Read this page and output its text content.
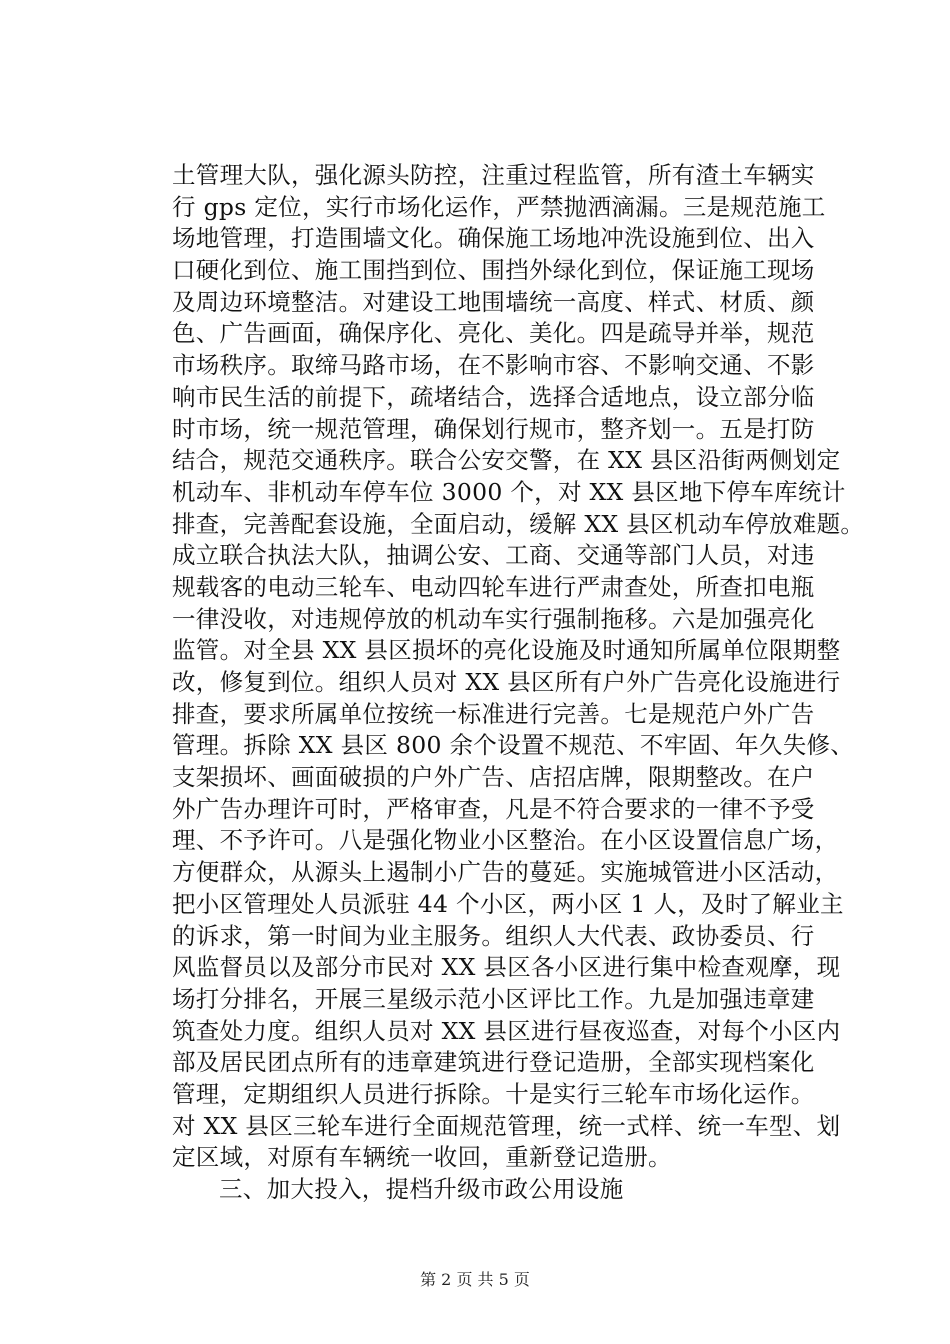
土管理大队，强化源头防控，注重过程监管，所有渣土车辆实
行 gps 定位，实行市场化运作，严禁抛洒滴漏。三是规范施工
场地管理，打造围墙文化。确保施工场地冲洗设施到位、出入
口硬化到位、施工围挡到位、围挡外绿化到位，保证施工现场
及周边环境整洁。对建设工地围墙统一高度、样式、材质、颜
色、广告画面，确保序化、亮化、美化。四是疏导并举，规范
市场秩序。取缔马路市场，在不影响市容、不影响交通、不影
响市民生活的前提下，疏堵结合，选择合适地点，设立部分临
时市场，统一规范管理，确保划行规市，整齐划一。五是打防
结合，规范交通秩序。联合公安交警，在 XX 县区沿街两侧划定
机动车、非机动车停车位 3000 个，对 XX 县区地下停车库统计
排查，完善配套设施，全面启动，缓解 XX 县区机动车停放难题。
成立联合执法大队，抽调公安、工商、交通等部门人员，对违
规载客的电动三轮车、电动四轮车进行严肃查处，所查扣电瓶
一律没收，对违规停放的机动车实行强制拖移。六是加强亮化
监管。对全县 XX 县区损坏的亮化设施及时通知所属单位限期整
改，修复到位。组织人员对 XX 县区所有户外广告亮化设施进行
排查，要求所属单位按统一标准进行完善。七是规范户外广告
管理。拆除 XX 县区 800 余个设置不规范、不牢固、年久失修、
支架损坏、画面破损的户外广告、店招店牌，限期整改。在户
外广告办理许可时，严格审查，凡是不符合要求的一律不予受
理、不予许可。八是强化物业小区整治。在小区设置信息广场，
方便群众，从源头上遏制小广告的蔓延。实施城管进小区活动，
把小区管理处人员派驻 44 个小区，两小区 1 人，及时了解业主
的诉求，第一时间为业主服务。组织人大代表、政协委员、行
风监督员以及部分市民对 XX 县区各小区进行集中检查观摩，现
场打分排名，开展三星级示范小区评比工作。九是加强违章建
筑查处力度。组织人员对 XX 县区进行昼夜巡查，对每个小区内
部及居民团点所有的违章建筑进行登记造册，全部实现档案化
管理，定期组织人员进行拆除。十是实行三轮车市场化运作。
对 XX 县区三轮车进行全面规范管理，统一式样、统一车型、划
定区域，对原有车辆统一收回，重新登记造册。
三、加大投入，提档升级市政公用设施
第 2 页 共 5 页
